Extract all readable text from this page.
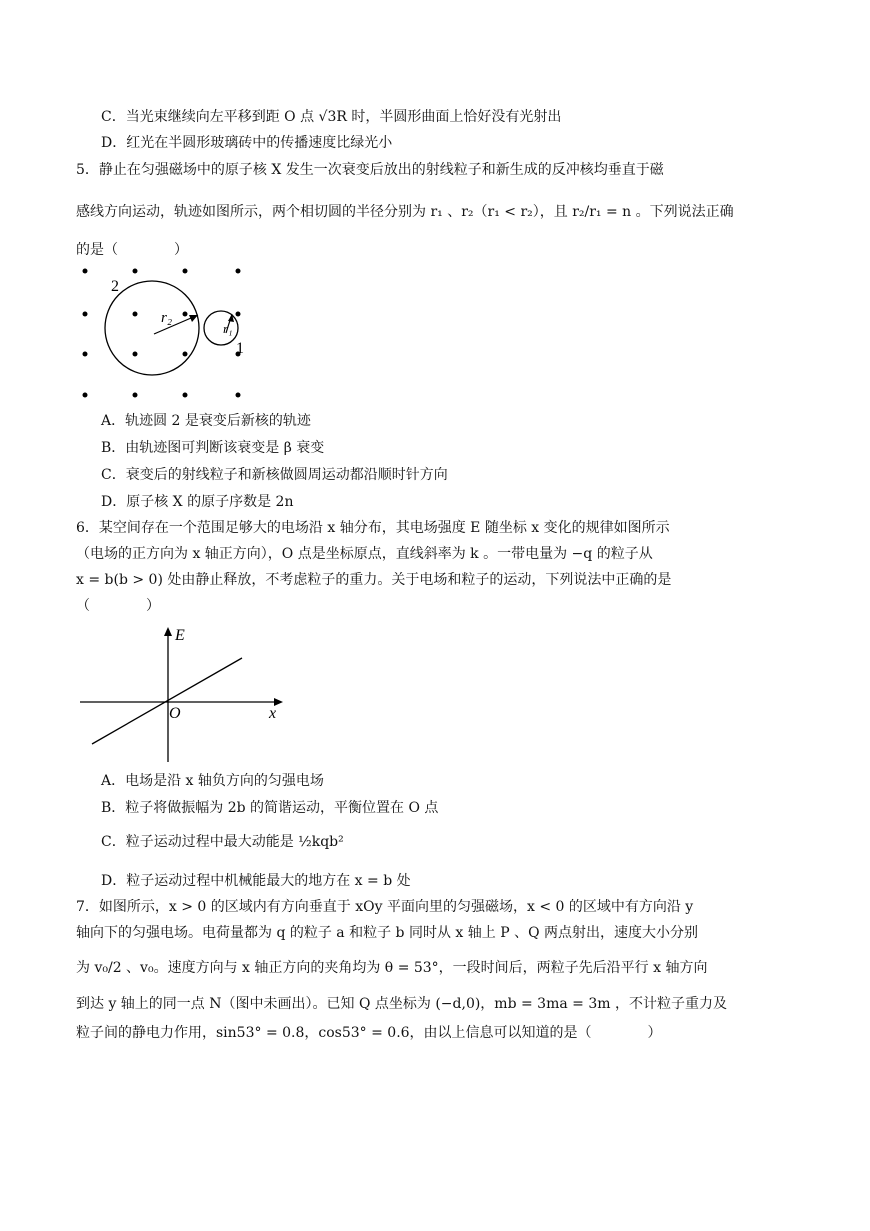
C．当光束继续向左平移到距 O 点 √3R 时，半圆形曲面上恰好没有光射出
D．红光在半圆形玻璃砖中的传播速度比绿光小
5．静止在匀强磁场中的原子核 X 发生一次衰变后放出的射线粒子和新生成的反冲核均垂直于磁
感线方向运动，轨迹如图所示，两个相切圆的半径分别为 r₁ 、r₂（r₁ < r₂），且 r₂/r₁ = n 。下列说法正确
的是（　　　　）
2
1
r₂
r₁
A．轨迹圆 2 是衰变后新核的轨迹
B．由轨迹图可判断该衰变是 β 衰变
C．衰变后的射线粒子和新核做圆周运动都沿顺时针方向
D．原子核 X 的原子序数是 2n
6．某空间存在一个范围足够大的电场沿 x 轴分布，其电场强度 E 随坐标 x 变化的规律如图所示
（电场的正方向为 x 轴正方向），O 点是坐标原点，直线斜率为 k 。一带电量为 −q 的粒子从
x = b(b > 0) 处由静止释放，不考虑粒子的重力。关于电场和粒子的运动，下列说法中正确的是
（　　　　）
E
O	x
A．电场是沿 x 轴负方向的匀强电场
B．粒子将做振幅为 2b 的简谐运动，平衡位置在 O 点
C．粒子运动过程中最大动能是 ½kqb²
D．粒子运动过程中机械能最大的地方在 x = b 处
7．如图所示，x > 0 的区域内有方向垂直于 xOy 平面向里的匀强磁场，x < 0 的区域中有方向沿 y
轴向下的匀强电场。电荷量都为 q 的粒子 a 和粒子 b 同时从 x 轴上 P 、Q 两点射出，速度大小分别
为 v₀/2 、v₀。速度方向与 x 轴正方向的夹角均为 θ = 53°，一段时间后，两粒子先后沿平行 x 轴方向
到达 y 轴上的同一点 N（图中未画出）。已知 Q 点坐标为 (−d,0)，mb = 3ma = 3m ，不计粒子重力及
粒子间的静电力作用，sin53° = 0.8，cos53° = 0.6，由以上信息可以知道的是（　　　　）
